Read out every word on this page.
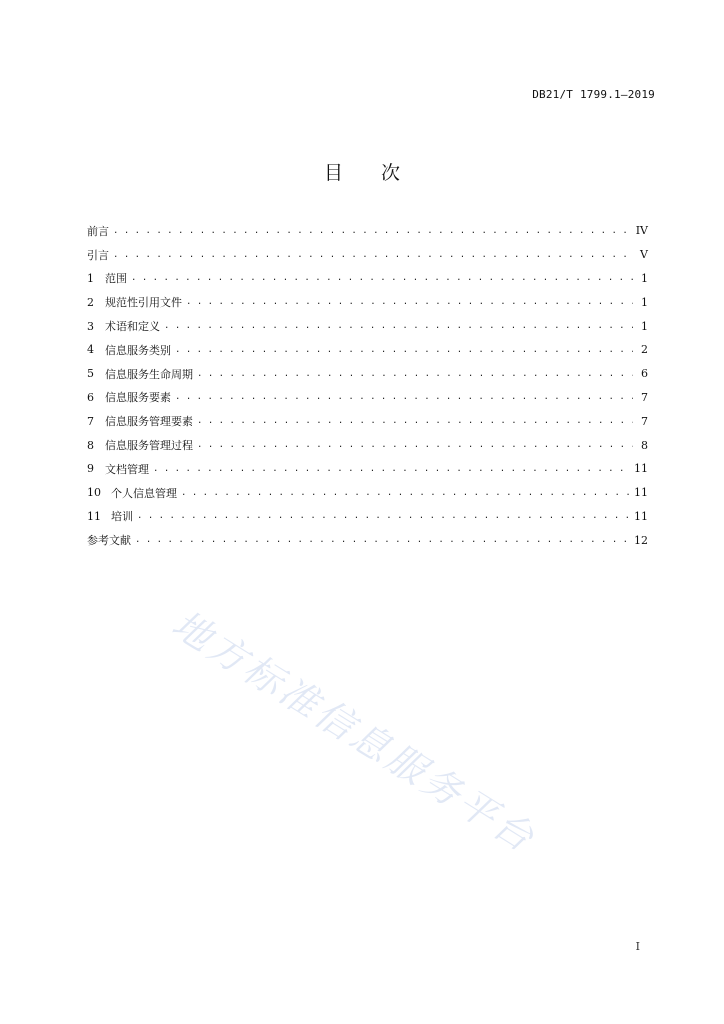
DB21/T 1799.1—2019
目 次
前言 . . .	IV
引言 . . .	V
1	范围 . . .	1
2	规范性引用文件 . . .	1
3	术语和定义 . . .	1
4	信息服务类别 . . .	2
5	信息服务生命周期 . . .	6
6	信息服务要素 . . .	7
7	信息服务管理要素 . . .	7
8	信息服务管理过程 . . .	8
9	文档管理 . . .	11
10 个人信息管理 . . .	11
11 培训 . . .	11
参考文献 . . .	12
地方标准信息服务平台
I
